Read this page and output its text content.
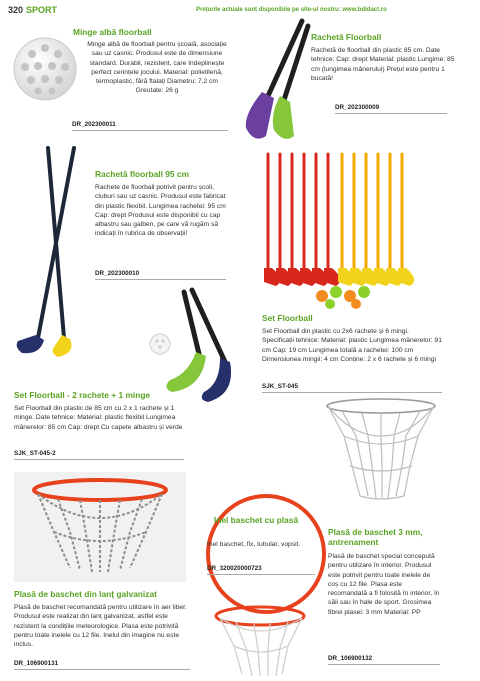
320 SPORT	Prețurile actuale sunt disponibile pe site-ul nostru: www.bdidact.ro
Minge albă floorball
Minge albă de floorball pentru școală, asociație sau uz casnic. Produsul este de dimensiune standard. Durabil, rezistent, care îndeplinește perfect cerințele jocului. Material: polietilenă, termoplastic, fără ftalați Diametru: 7,2 cm Greutate: 26 g
DR_202300011
Rachetă Floorball
Rachetă de floorball din plastic 85 cm. Date tehnice: Cap: drept Material: plastic Lungime: 85 cm (lungimea mânerului) Prețul este pentru 1 bucată!
DR_202300009
Rachetă floorball 95 cm
Rachete de floorball potrivit pentru școli, cluburi sau uz casnic. Produsul este fabricat din plastic flexibil. Lungimea rachetei: 95 cm Cap: drept Produsul este disponibil cu cap albastru sau galben, pe care vă rugăm să indicați în rubrica de observații!
DR_202300010
Set Floorball
Set Floorball din plastic cu 2x6 rachete și 6 mingi. Specificații tehnice: Material: plastic Lungimea mânerelor: 91 cm Cap: 19 cm Lungimea totală a rachetei: 100 cm Dimensiunea mingii: 4 cm Conține: 2 x 6 rachete și 6 mingi
SJK_ST-045
Set Floorball - 2 rachete + 1 minge
Set Floorball din plastic de 85 cm cu 2 x 1 rachete și 1 minge. Date tehnice: Material: plastic flexibil Lungimea mânerelor: 85 cm Cap: drept Cu capete albastru și verde
SJK_ST-045-2
Plasă de baschet din lanț galvanizat
Plasă de baschet recomandată pentru utilizare în aer liber. Produsul este realizat din lanț galvanizat, astfel este rezistent la condițiile meteorologice. Plasa este potrivită pentru toate inelele cu 12 file. Inelul din imagine nu este inclus.
DR_106900131
Inel baschet cu plasă
Inel baschet, fix, tubular, vopsit.
DR_320020000723
Plasă de baschet 3 mm, antrenament
Plasă de baschet special concepută pentru utilizare în interior. Produsul este potrivit pentru toate inelele de coș cu 12 file. Plasa este recomandată a fi folosită în interior, în săli sau în hale de sport. Grosimea fibrei plasei: 3 mm Material: PP
DR_106900132
